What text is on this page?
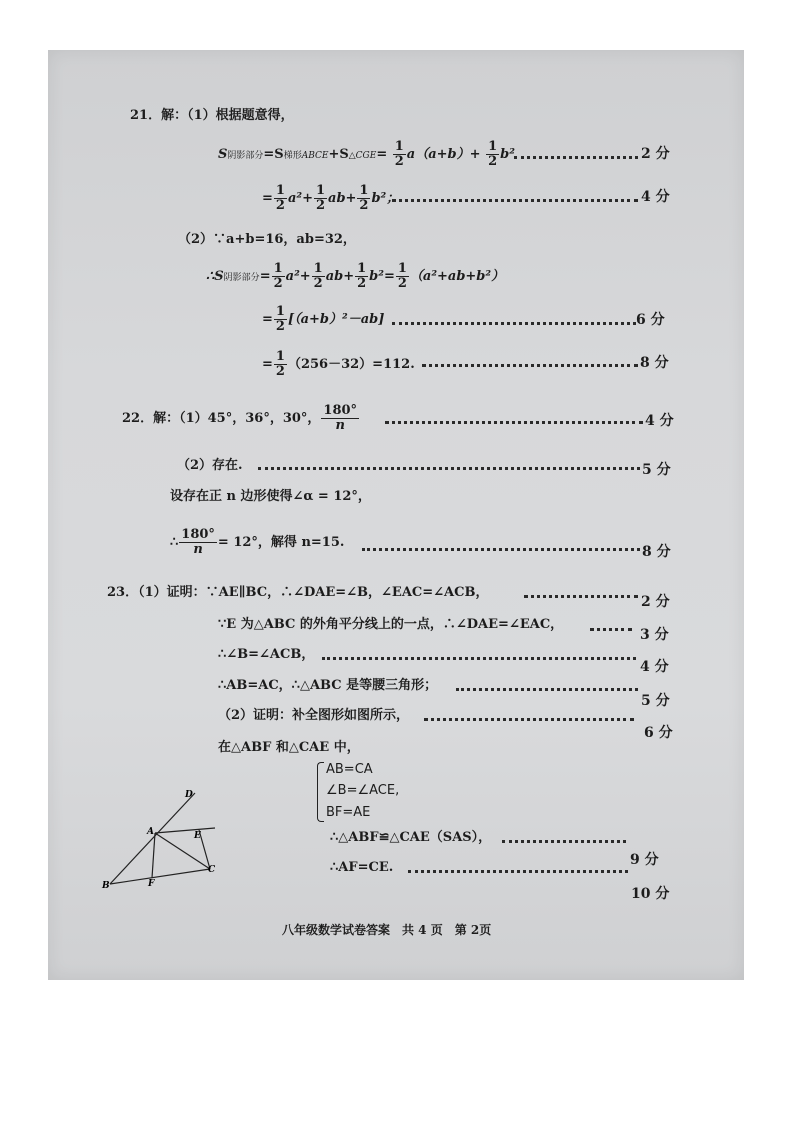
21．解：（1）根据题意得，
S阴影部分=S梯形ABCE+S△CGE= $\frac{1}{2} a(a+b)+ \frac{1}{2} b^2$	2 分
= $\frac{1}{2} a^2+ \frac{1}{2} ab+ \frac{1}{2} b^2$；	4 分
（2）∵a+b=16，ab=32，
∴S阴影部分= $\frac{1}{2} a^2+ \frac{1}{2} ab+ \frac{1}{2} b^2= \frac{1}{2} (a^2+ab+b^2)$
= $\frac{1}{2} [(a+b)^2-ab]$	6 分
= $\frac{1}{2} (256-32)=112$.	8 分
22．解：（1）45°，36°，30°， $\frac{180^\circ}{n}$	4 分
（2）存在.	5 分
设存在正 n 边形使得∠α = 12°，
∴ $\frac{180^\circ}{n} = 12^\circ$，解得 n=15.
8 分
23．（1）证明：∵AE∥BC，∴∠DAE=∠B，∠EAC=∠ACB，
2 分
∵E 为△ABC 的外角平分线上的一点，∴∠DAE=∠EAC，
3 分
∴∠B=∠ACB，
4 分
∴AB=AC，∴△ABC 是等腰三角形；
5 分
（2）证明：补全图形如图所示，
6 分
在△ABF 和△CAE 中，
AB=CA
∠B=∠ACE,
BF=AE
∴△ABF≌△CAE（SAS），
9 分
∴AF=CE.
10 分
D
A	E
C
B	F
八年级数学试卷答案　共 4 页　第 2页
